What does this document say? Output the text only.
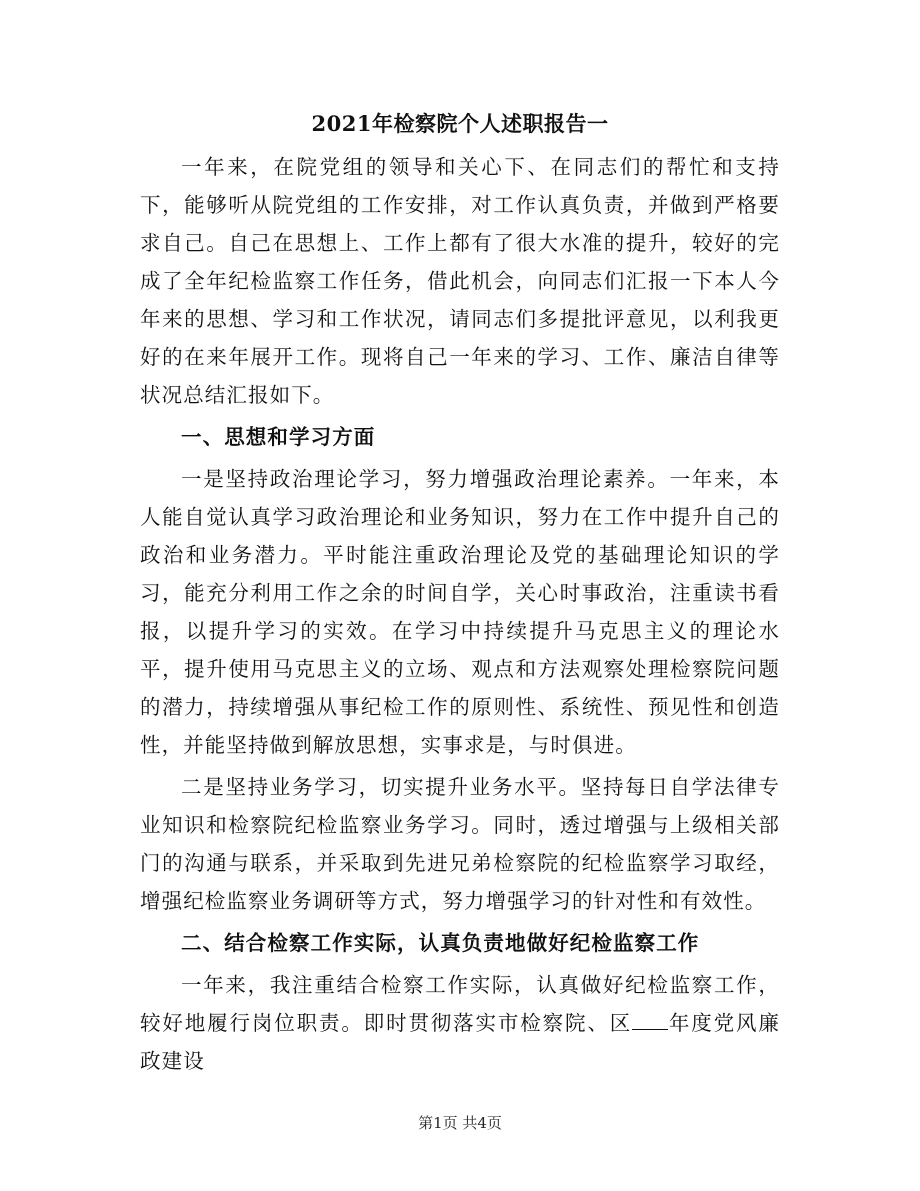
2021年检察院个人述职报告一

一年来，在院党组的领导和关心下、在同志们的帮忙和支持下，能够听从院党组的工作安排，对工作认真负责，并做到严格要求自己。自己在思想上、工作上都有了很大水准的提升，较好的完成了全年纪检监察工作任务，借此机会，向同志们汇报一下本人今年来的思想、学习和工作状况，请同志们多提批评意见，以利我更好的在来年展开工作。现将自己一年来的学习、工作、廉洁自律等状况总结汇报如下。

一、思想和学习方面

一是坚持政治理论学习，努力增强政治理论素养。一年来，本人能自觉认真学习政治理论和业务知识，努力在工作中提升自己的政治和业务潜力。平时能注重政治理论及党的基础理论知识的学习，能充分利用工作之余的时间自学，关心时事政治，注重读书看报，以提升学习的实效。在学习中持续提升马克思主义的理论水平，提升使用马克思主义的立场、观点和方法观察处理检察院问题的潜力，持续增强从事纪检工作的原则性、系统性、预见性和创造性，并能坚持做到解放思想，实事求是，与时俱进。

二是坚持业务学习，切实提升业务水平。坚持每日自学法律专业知识和检察院纪检监察业务学习。同时，透过增强与上级相关部门的沟通与联系，并采取到先进兄弟检察院的纪检监察学习取经，增强纪检监察业务调研等方式，努力增强学习的针对性和有效性。

二、结合检察工作实际，认真负责地做好纪检监察工作

一年来，我注重结合检察工作实际，认真做好纪检监察工作，较好地履行岗位职责。即时贯彻落实市检察院、区 年度党风廉政建设

第1页 共4页
